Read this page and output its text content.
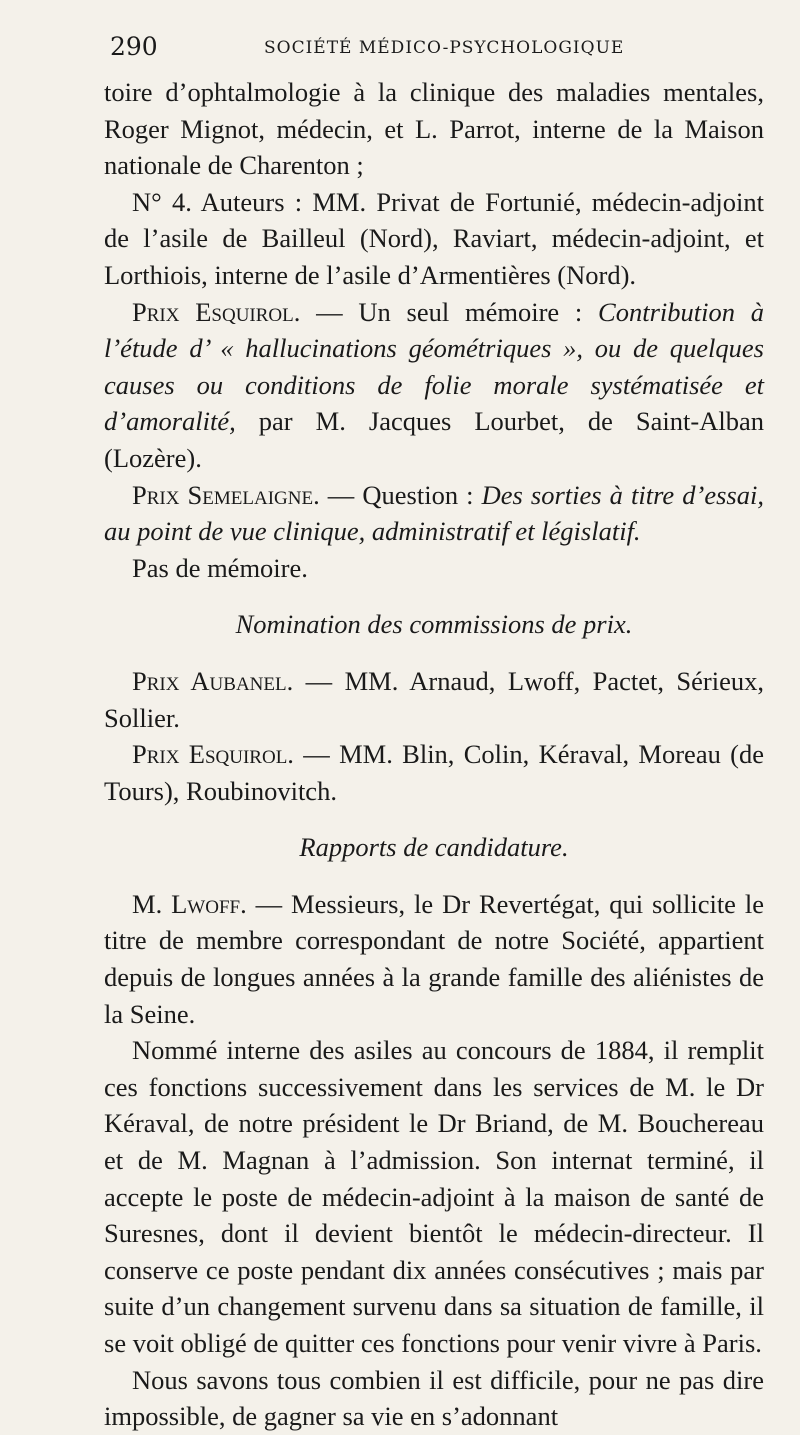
290	SOCIÉTÉ MÉDICO-PSYCHOLOGIQUE

toire d’ophtalmologie à la clinique des maladies mentales, Roger Mignot, médecin, et L. Parrot, interne de la Maison nationale de Charenton ;

N° 4. Auteurs : MM. Privat de Fortunié, médecin-adjoint de l’asile de Bailleul (Nord), Raviart, médecin-adjoint, et Lorthiois, interne de l’asile d’Armentières (Nord).

Prix Esquirol. — Un seul mémoire : Contribution à l’étude d’ « hallucinations géométriques », ou de quelques causes ou conditions de folie morale systématisée et d’amoralité, par M. Jacques Lourbet, de Saint-Alban (Lozère).

Prix Semelaigne. — Question : Des sorties à titre d’essai, au point de vue clinique, administratif et législatif.

Pas de mémoire.

Nomination des commissions de prix.

Prix Aubanel. — MM. Arnaud, Lwoff, Pactet, Sérieux, Sollier.

Prix Esquirol. — MM. Blin, Colin, Kéraval, Moreau (de Tours), Roubinovitch.

Rapports de candidature.

M. Lwoff. — Messieurs, le Dr Revertégat, qui sollicite le titre de membre correspondant de notre Société, appartient depuis de longues années à la grande famille des aliénistes de la Seine.

Nommé interne des asiles au concours de 1884, il remplit ces fonctions successivement dans les services de M. le Dr Kéraval, de notre président le Dr Briand, de M. Bouchereau et de M. Magnan à l’admission. Son internat terminé, il accepte le poste de médecin-adjoint à la maison de santé de Suresnes, dont il devient bientôt le médecin-directeur. Il conserve ce poste pendant dix années consécutives ; mais par suite d’un changement survenu dans sa situation de famille, il se voit obligé de quitter ces fonctions pour venir vivre à Paris.

Nous savons tous combien il est difficile, pour ne pas dire impossible, de gagner sa vie en s’adonnant
